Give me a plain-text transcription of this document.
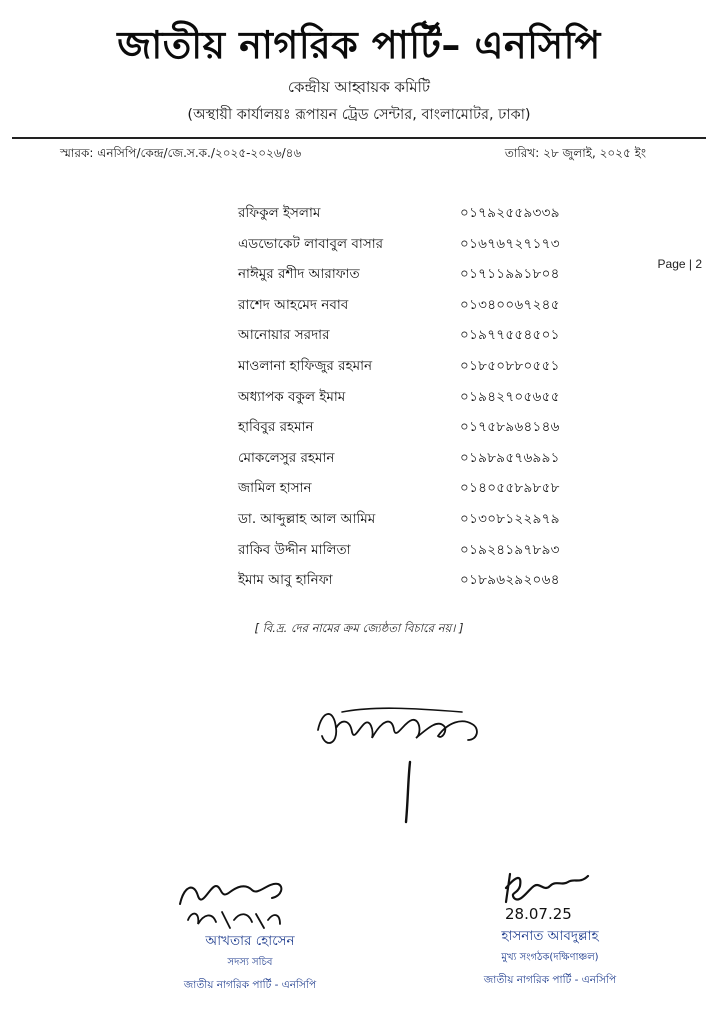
জাতীয় নাগরিক পার্টি– এনসিপি
কেন্দ্রীয় আহ্বায়ক কমিটি
(অস্থায়ী কার্যালয়ঃ রূপায়ন ট্রেড সেন্টার, বাংলামোটর, ঢাকা)
স্মারক: এনসিপি/কেন্দ্র/জে.স.ক./২০২৫-২০২৬/৪৬	তারিখ: ২৮ জুলাই, ২০২৫ ইং
Page | 2
রফিকুল ইসলাম	০১৭৯২৫৫৯৩৩৯
এডভোকেট লাবাবুল বাসার	০১৬৭৬৭২৭১৭৩
নাঈমুর রশীদ আরাফাত	০১৭১১৯৯১৮০৪
রাশেদ আহমেদ নবাব	০১৩৪০০৬৭২৪৫
আনোয়ার সরদার	০১৯৭৭৫৫৪৫০১
মাওলানা হাফিজুর রহমান	০১৮৫০৮৮০৫৫১
অধ্যাপক বকুল ইমাম	০১৯৪২৭০৫৬৫৫
হাবিবুর রহমান	০১৭৫৮৯৬৪১৪৬
মোকলেসুর রহমান	০১৯৮৯৫৭৬৯৯১
জামিল হাসান	০১৪০৫৫৮৯৮৫৮
ডা. আব্দুল্লাহ আল আমিম	০১৩০৮১২২৯৭৯
রাকিব উদ্দীন মালিতা	০১৯২৪১৯৭৮৯৩
ইমাম আবু হানিফা	০১৮৯৬২৯২০৬৪
[ বি.দ্র. দের নামের ক্রম জ্যেষ্ঠতা বিচারে নয়। ]
28.07.25
আখতার হোসেন
সদস্য সচিব
জাতীয় নাগরিক পার্টি - এনসিপি
হাসনাত আবদুল্লাহ
মুখ্য সংগঠক(দক্ষিণাঞ্চল)
জাতীয় নাগরিক পার্টি - এনসিপি
